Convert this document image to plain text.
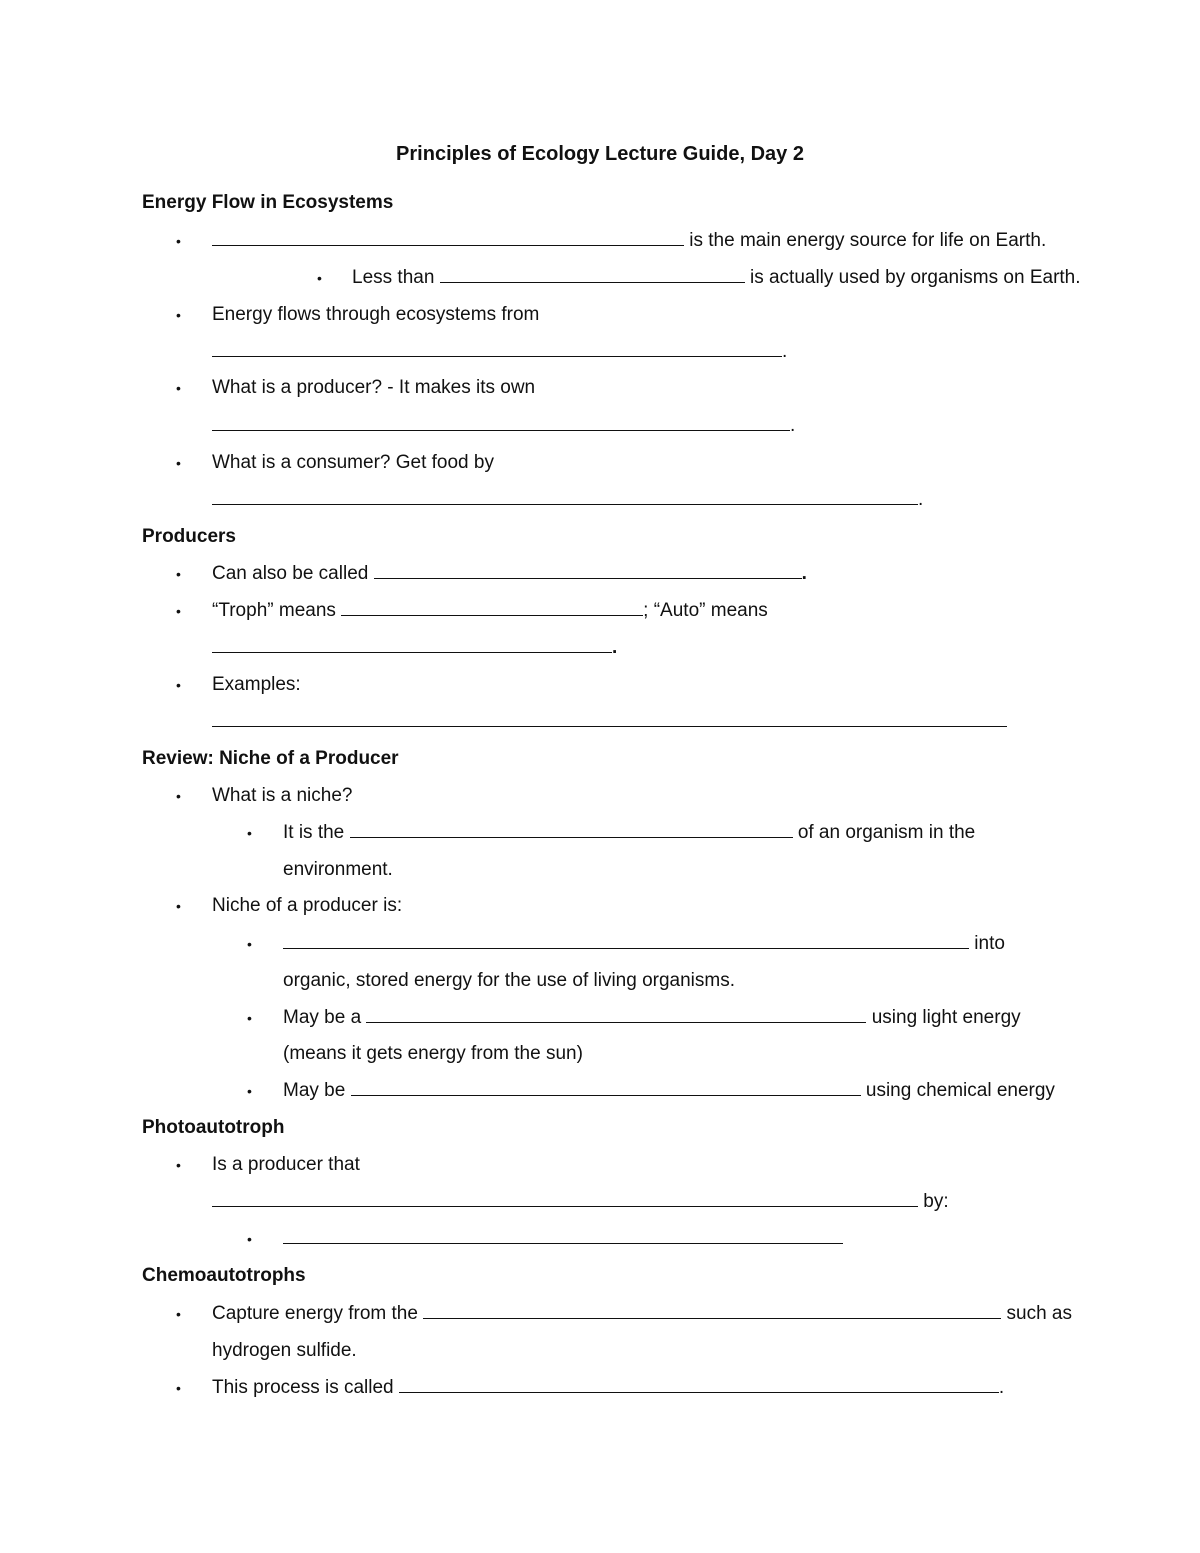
Principles of Ecology Lecture Guide, Day 2
Energy Flow in Ecosystems
•	is the main energy source for life on Earth.
• Less than	is actually used by organisms on Earth.
• Energy flows through ecosystems from
.
• What is a producer? - It makes its own
.
• What is a consumer? Get food by
.
Producers
• Can also be called	.
• “Troph” means	; “Auto” means
.
• Examples:
Review: Niche of a Producer
• What is a niche?
• It is the	of an organism in the
environment.
• Niche of a producer is:
•	into
organic, stored energy for the use of living organisms.
• May be a	using light energy
(means it gets energy from the sun)
• May be	using chemical energy
Photoautotroph
• Is a producer that
by:
•
Chemoautotrophs
• Capture energy from the	such as
hydrogen sulfide.
• This process is called	.
